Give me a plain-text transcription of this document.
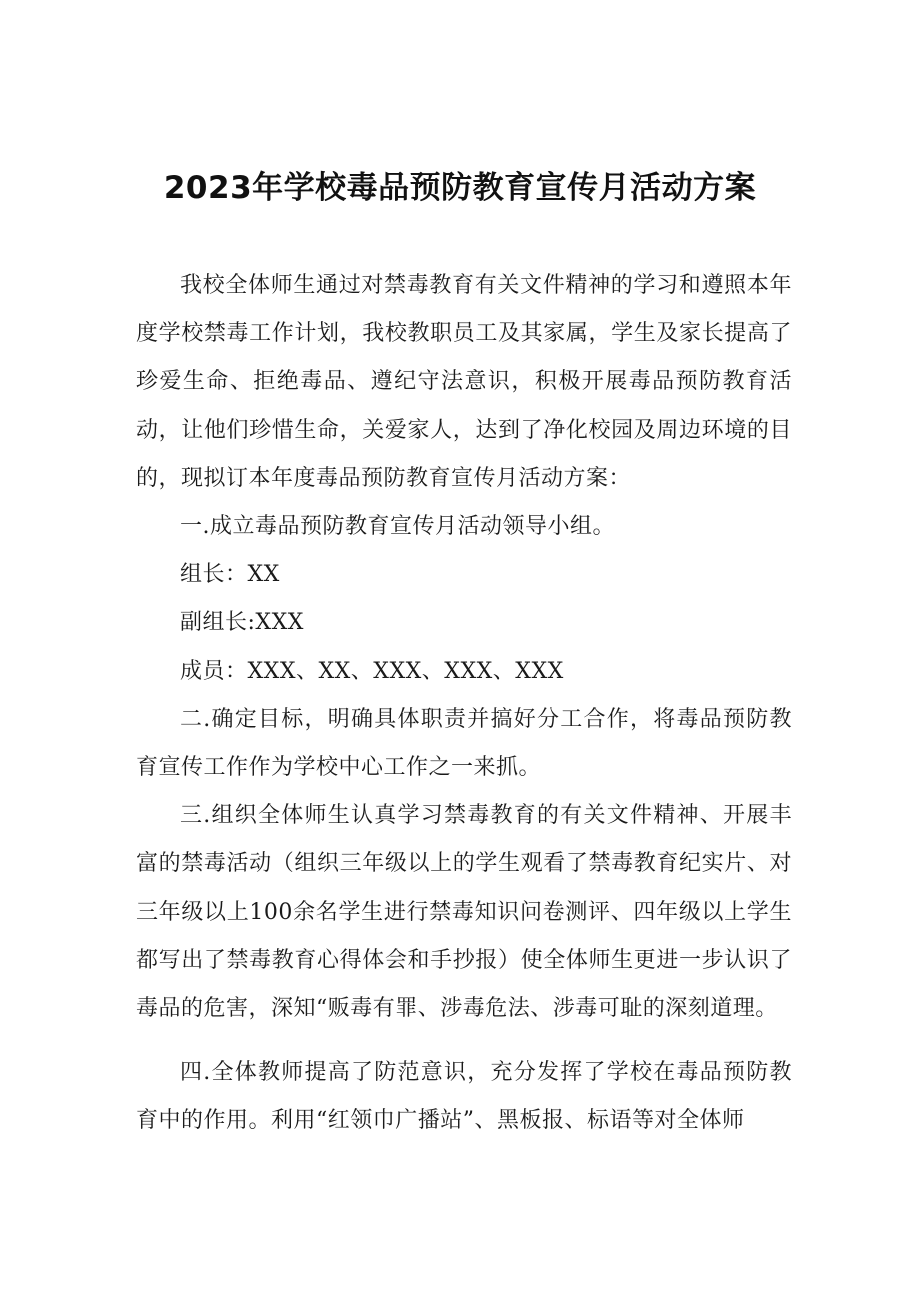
2023年学校毒品预防教育宣传月活动方案

我校全体师生通过对禁毒教育有关文件精神的学习和遵照本年度学校禁毒工作计划，我校教职员工及其家属，学生及家长提高了珍爱生命、拒绝毒品、遵纪守法意识，积极开展毒品预防教育活动，让他们珍惜生命，关爱家人，达到了净化校园及周边环境的目的，现拟订本年度毒品预防教育宣传月活动方案：

一.成立毒品预防教育宣传月活动领导小组。

组长：XX

副组长:XXX

成员：XXX、XX、XXX、XXX、XXX

二.确定目标，明确具体职责并搞好分工合作，将毒品预防教育宣传工作作为学校中心工作之一来抓。

三.组织全体师生认真学习禁毒教育的有关文件精神、开展丰富的禁毒活动（组织三年级以上的学生观看了禁毒教育纪实片、对三年级以上100余名学生进行禁毒知识问卷测评、四年级以上学生都写出了禁毒教育心得体会和手抄报）使全体师生更进一步认识了毒品的危害，深知“贩毒有罪、涉毒危法、涉毒可耻的深刻道理。

四.全体教师提高了防范意识，充分发挥了学校在毒品预防教育中的作用。利用“红领巾广播站”、黑板报、标语等对全体师
